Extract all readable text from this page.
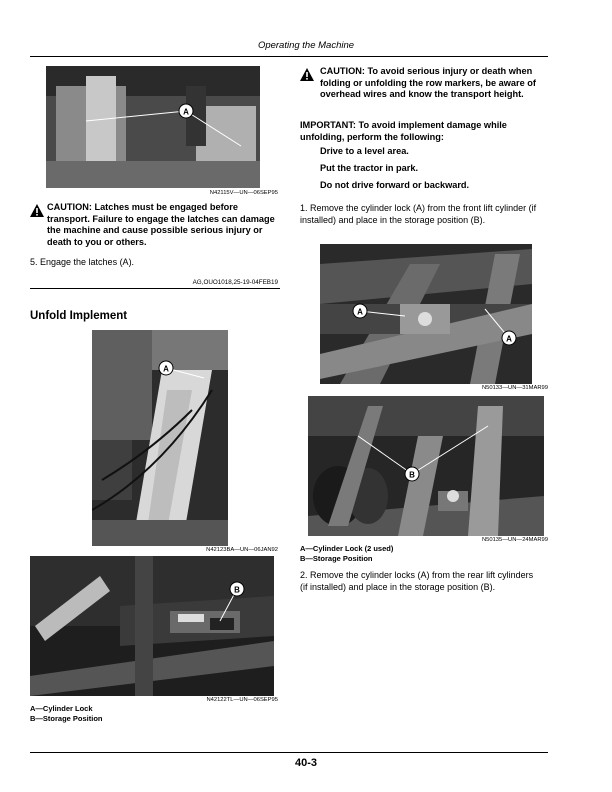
Operating the Machine
A
N42115V—UN—06SEP95
CAUTION: Latches must be engaged before transport. Failure to engage the latches can damage the machine and cause possible serious injury or death to you or others.
5. Engage the latches (A).
AG,OUO1018,25-19-04FEB19
Unfold Implement
A
N42123BA—UN—06JAN92
B
N42122TL—UN—06SEP95
A—Cylinder Lock
B—Storage Position
CAUTION: To avoid serious injury or death when folding or unfolding the row markers, be aware of overhead wires and know the transport height.
IMPORTANT: To avoid implement damage while unfolding, perform the following:
Drive to a level area.
Put the tractor in park.
Do not drive forward or backward.
1. Remove the cylinder lock (A) from the front lift cylinder (if installed) and place in the storage position (B).
A
A
N50133—UN—31MAR99
B
N50135—UN—24MAR99
A—Cylinder Lock (2 used)
B—Storage Position
2. Remove the cylinder locks (A) from the rear lift cylinders (if installed) and place in the storage position (B).
40-3
